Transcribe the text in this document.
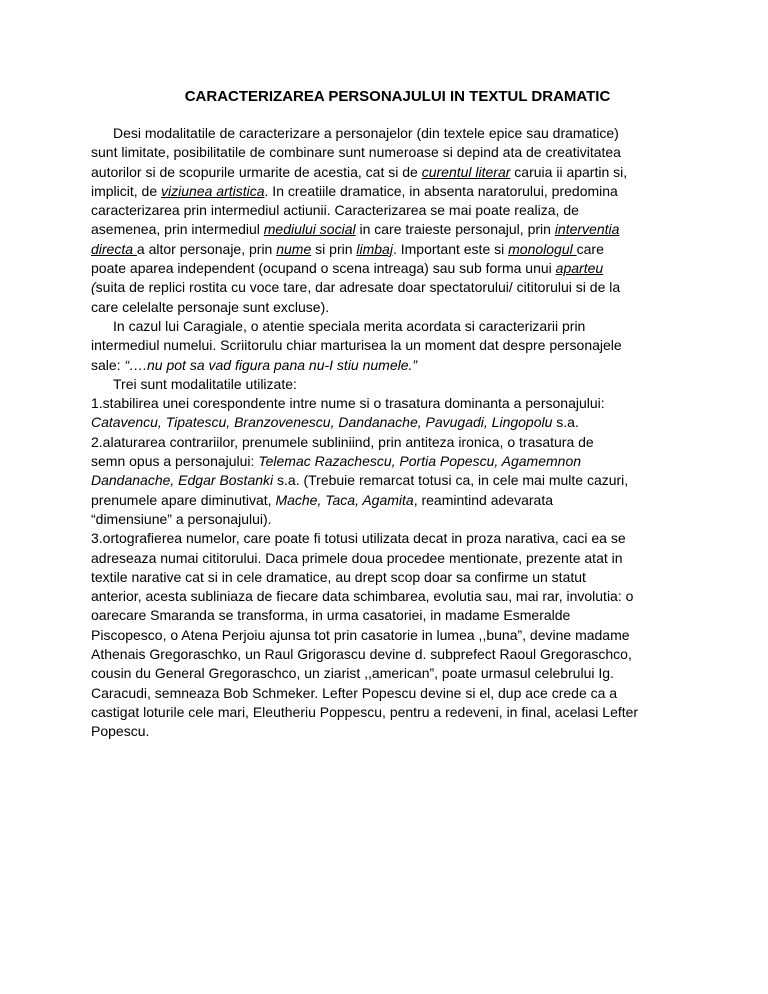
CARACTERIZAREA PERSONAJULUI IN TEXTUL DRAMATIC
Desi modalitatile de caracterizare a personajelor (din textele epice sau dramatice)
sunt limitate, posibilitatile de combinare sunt numeroase si depind ata de creativitatea
autorilor si de scopurile urmarite de acestia, cat si de curentul literar caruia ii apartin si,
implicit, de viziunea artistica. In creatiile dramatice, in absenta naratorului, predomina
caracterizarea prin intermediul actiunii. Caracterizarea se mai poate realiza, de
asemenea, prin intermediul mediului social in care traieste personajul, prin interventia
directa a altor personaje, prin nume si prin limbaj. Important este si monologul care
poate aparea independent (ocupand o scena intreaga) sau sub forma unui aparteu
(suita de replici rostita cu voce tare, dar adresate doar spectatorului/ cititorului si de la
care celelalte personaje sunt excluse).
In cazul lui Caragiale, o atentie speciala merita acordata si caracterizarii prin
intermediul numelui. Scriitorulu chiar marturisea la un moment dat despre personajele
sale: “….nu pot sa vad figura pana nu-I stiu numele.”
Trei sunt modalitatile utilizate:
1.stabilirea unei corespondente intre nume si o trasatura dominanta a personajului:
Catavencu, Tipatescu, Branzovenescu, Dandanache, Pavugadi, Lingopolu s.a.
2.alaturarea contrariilor, prenumele subliniind, prin antiteza ironica, o trasatura de
semn opus a personajului: Telemac Razachescu, Portia Popescu, Agamemnon
Dandanache, Edgar Bostanki s.a. (Trebuie remarcat totusi ca, in cele mai multe cazuri,
prenumele apare diminutivat, Mache, Taca, Agamita, reamintind adevarata
“dimensiune” a personajului).
3.ortografierea numelor, care poate fi totusi utilizata decat in proza narativa, caci ea se
adreseaza numai cititorului. Daca primele doua procedee mentionate, prezente atat in
textile narative cat si in cele dramatice, au drept scop doar sa confirme un statut
anterior, acesta subliniaza de fiecare data schimbarea, evolutia sau, mai rar, involutia: o
oarecare Smaranda se transforma, in urma casatoriei, in madame Esmeralde
Piscopesco, o Atena Perjoiu ajunsa tot prin casatorie in lumea ,,buna”, devine madame
Athenais Gregoraschko, un Raul Grigorascu devine d. subprefect Raoul Gregoraschco,
cousin du General Gregoraschco, un ziarist ,,american”, poate urmasul celebrului Ig.
Caracudi, semneaza Bob Schmeker. Lefter Popescu devine si el, dup ace crede ca a
castigat loturile cele mari, Eleutheriu Poppescu, pentru a redeveni, in final, acelasi Lefter
Popescu.
